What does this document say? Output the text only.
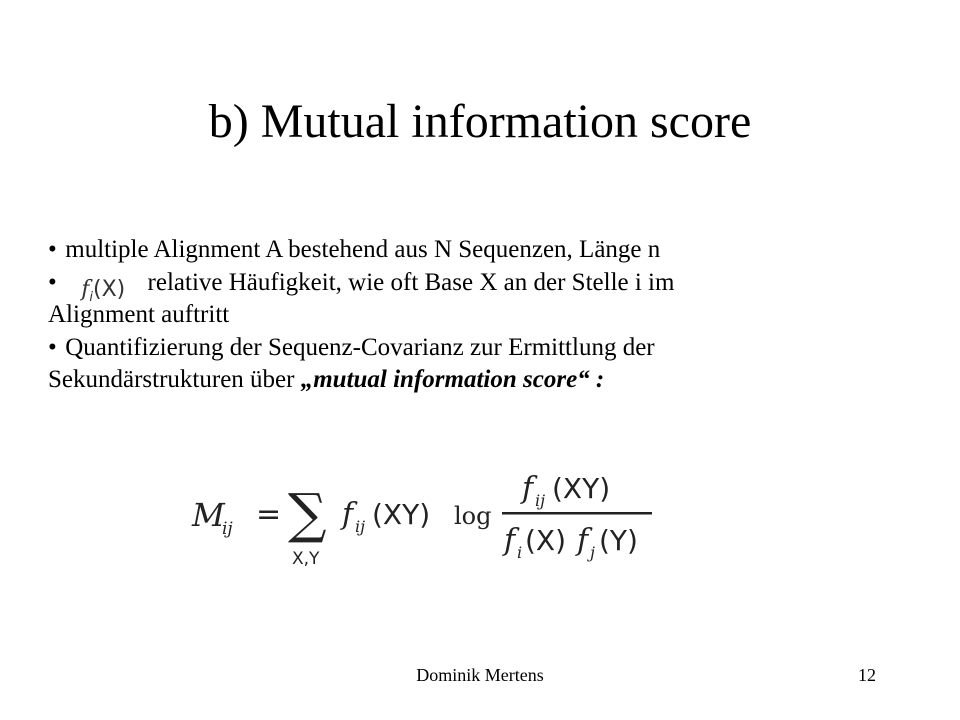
b) Mutual information score
• multiple Alignment A bestehend aus N Sequenzen, Länge n
• $f_i(X)$ relative Häufigkeit, wie oft Base X an der Stelle i im
Alignment auftritt
• Quantifizierung der Sequenz-Covarianz zur Ermittlung der
Sekundärstrukturen über „mutual information score“ :
M
ij = ∑
X,Y
f ij (XY) log
f ij (XY)
f i (X) f j (Y)
Dominik Mertens	12
